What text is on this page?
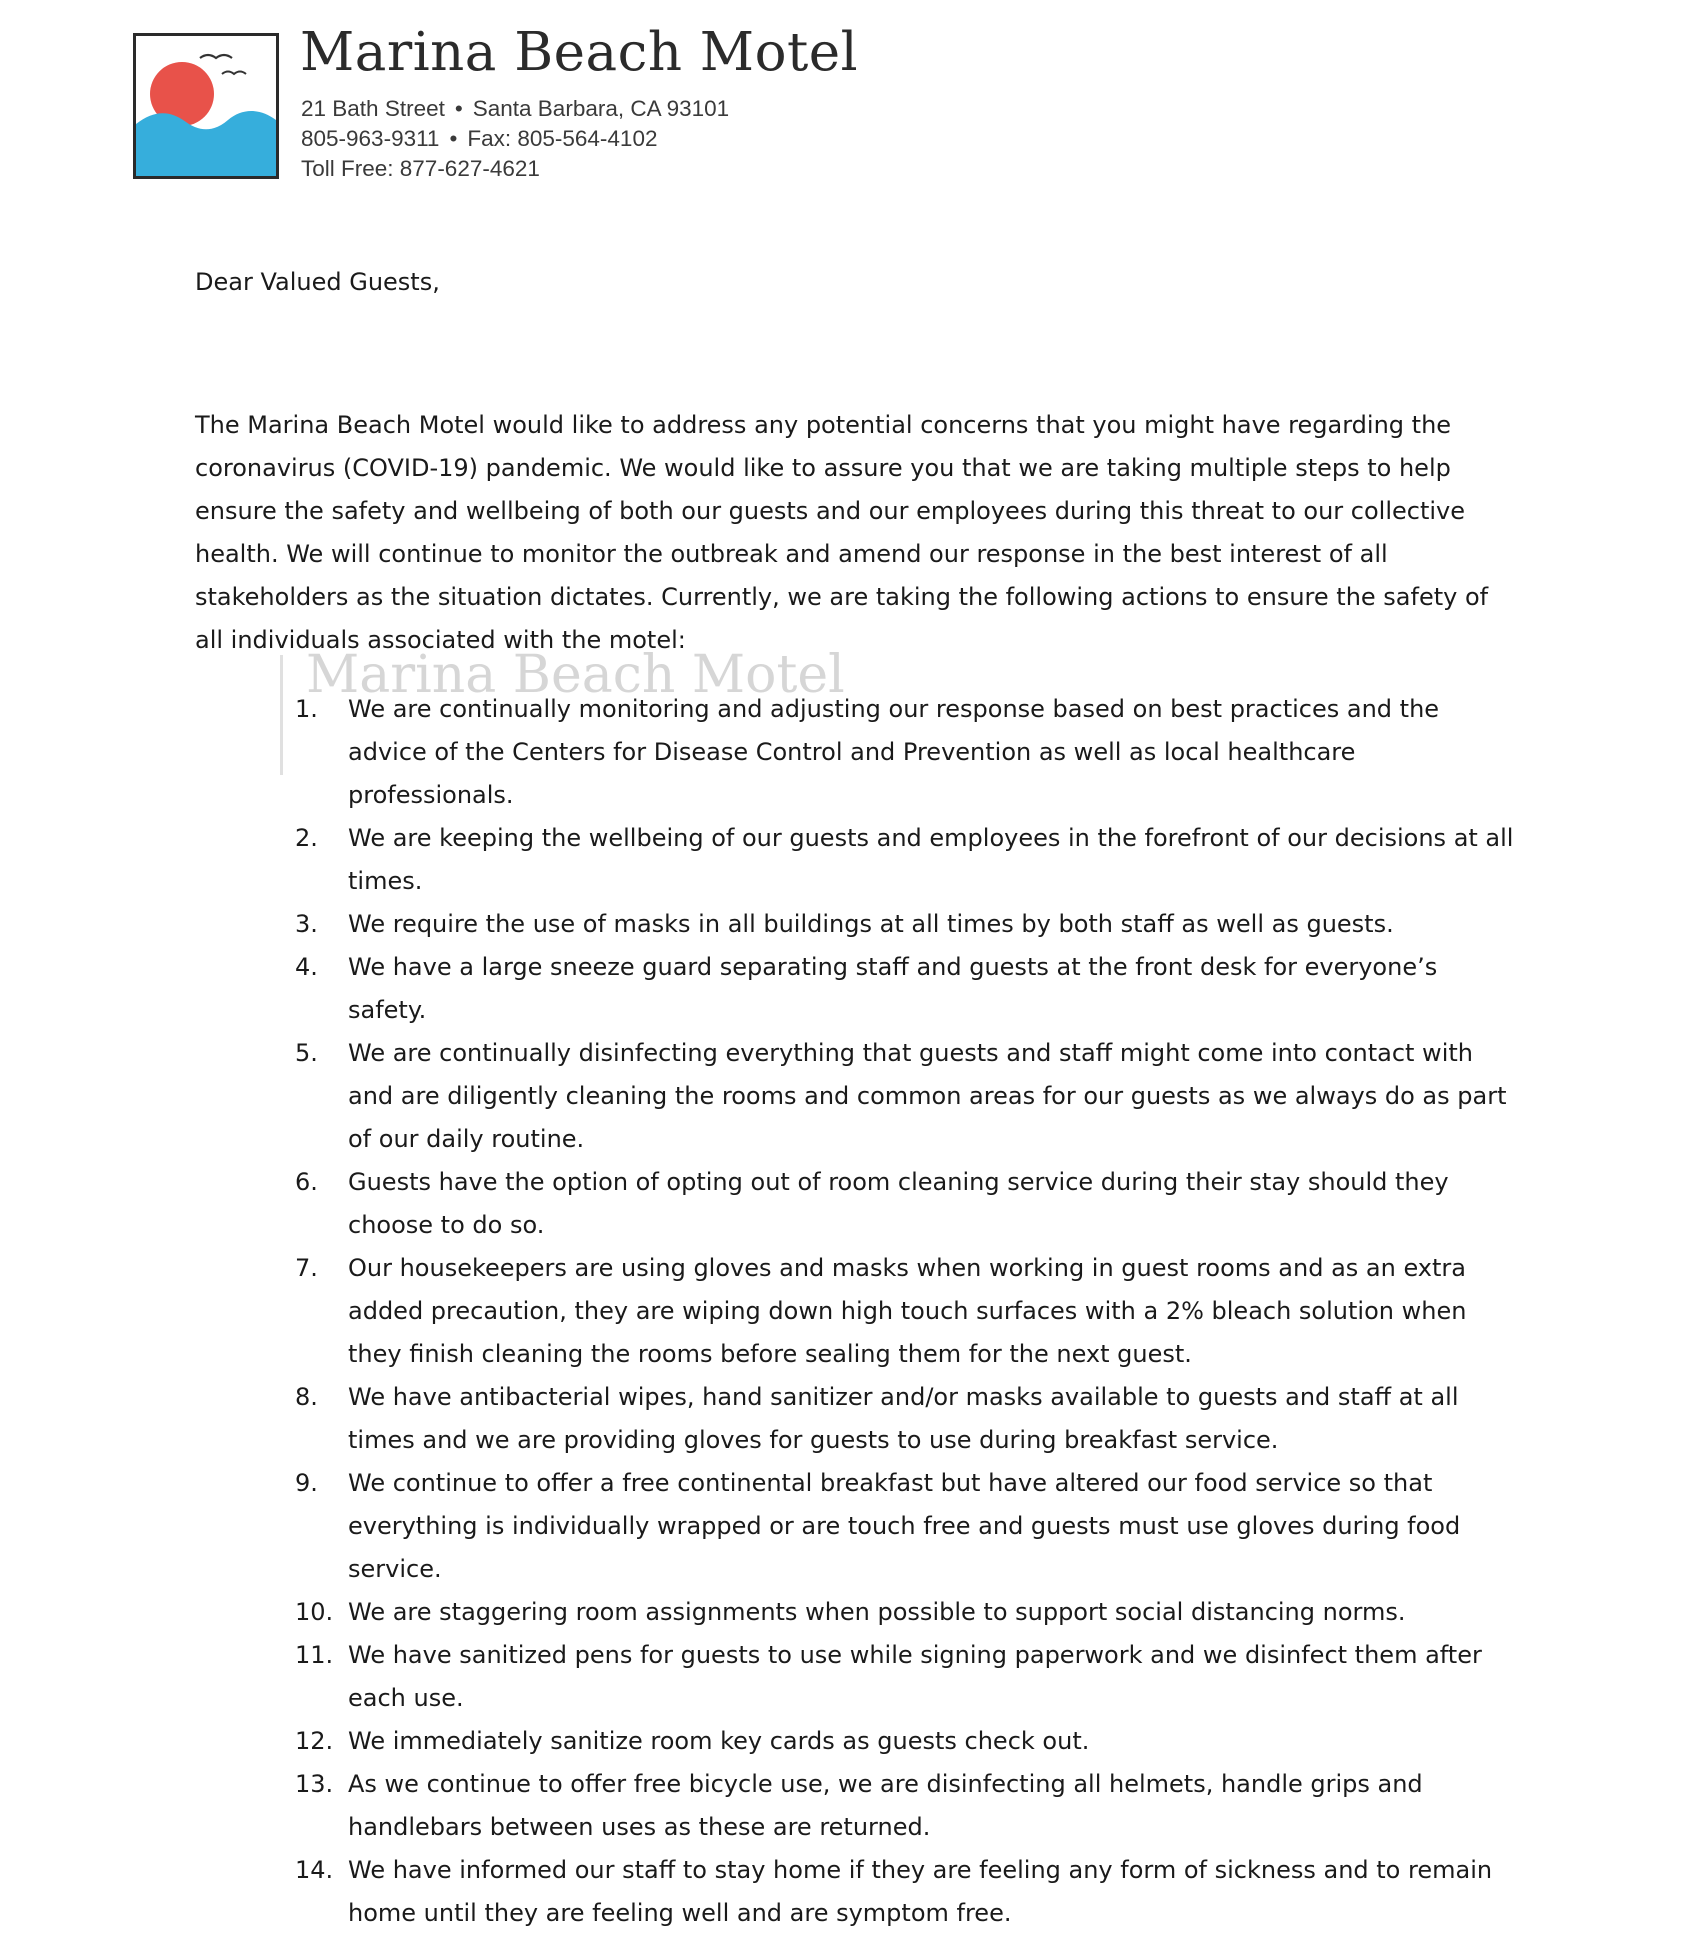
Marina Beach Motel
21 Bath Street • Santa Barbara, CA 93101
805-963-9311 • Fax: 805-564-4102
Toll Free: 877-627-4621
Dear Valued Guests,

The Marina Beach Motel would like to address any potential concerns that you might have regarding the coronavirus (COVID-19) pandemic. We would like to assure you that we are taking multiple steps to help ensure the safety and wellbeing of both our guests and our employees during this threat to our collective health. We will continue to monitor the outbreak and amend our response in the best interest of all stakeholders as the situation dictates. Currently, we are taking the following actions to ensure the safety of all individuals associated with the motel:

Marina Beach Motel
1.	We are continually monitoring and adjusting our response based on best practices and the advice of the Centers for Disease Control and Prevention as well as local healthcare professionals.
2.	We are keeping the wellbeing of our guests and employees in the forefront of our decisions at all times.
3.	We require the use of masks in all buildings at all times by both staff as well as guests.
4.	We have a large sneeze guard separating staff and guests at the front desk for everyone’s safety.
5.	We are continually disinfecting everything that guests and staff might come into contact with and are diligently cleaning the rooms and common areas for our guests as we always do as part of our daily routine.
6.	Guests have the option of opting out of room cleaning service during their stay should they choose to do so.
7.	Our housekeepers are using gloves and masks when working in guest rooms and as an extra added precaution, they are wiping down high touch surfaces with a 2% bleach solution when they finish cleaning the rooms before sealing them for the next guest.
8.	We have antibacterial wipes, hand sanitizer and/or masks available to guests and staff at all times and we are providing gloves for guests to use during breakfast service.
9.	We continue to offer a free continental breakfast but have altered our food service so that everything is individually wrapped or are touch free and guests must use gloves during food service.
10. We are staggering room assignments when possible to support social distancing norms.
11. We have sanitized pens for guests to use while signing paperwork and we disinfect them after each use.
12. We immediately sanitize room key cards as guests check out.
13. As we continue to offer free bicycle use, we are disinfecting all helmets, handle grips and handlebars between uses as these are returned.
14. We have informed our staff to stay home if they are feeling any form of sickness and to remain home until they are feeling well and are symptom free.
